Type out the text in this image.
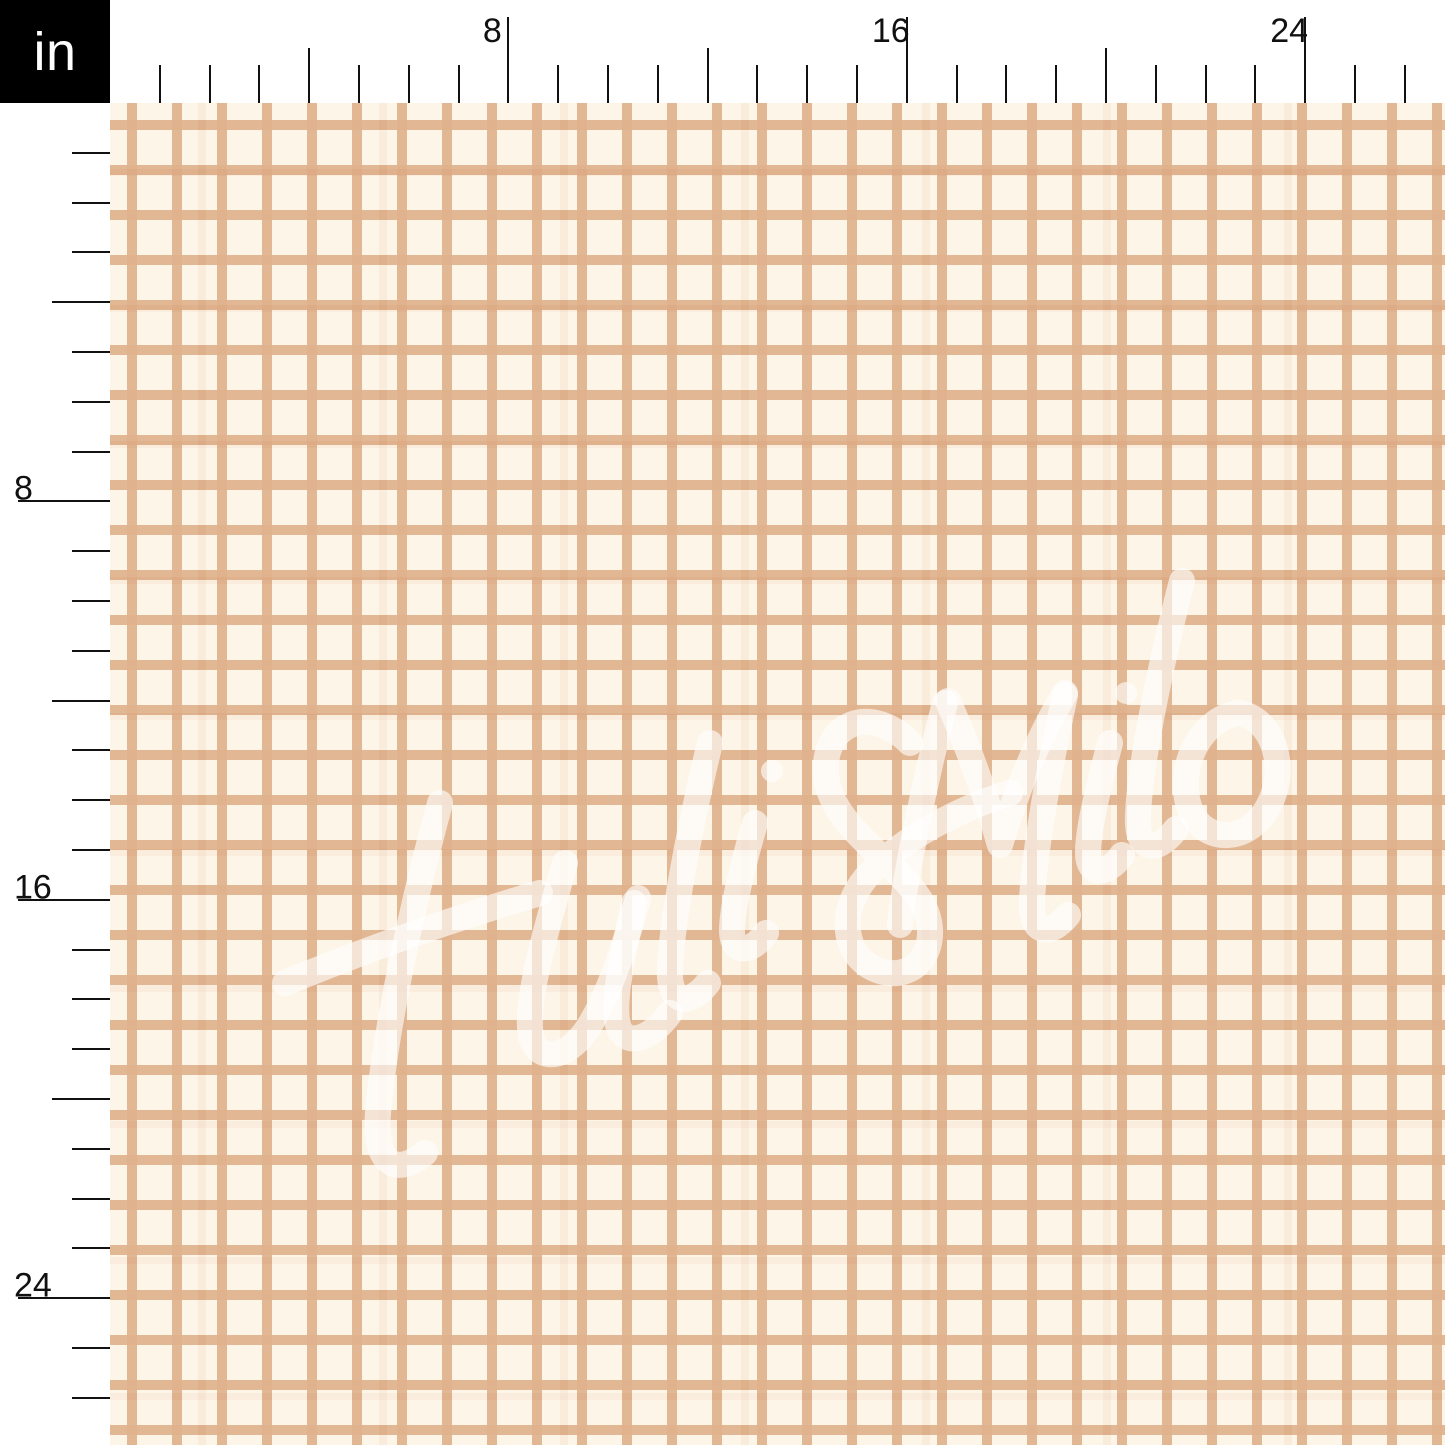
in	8	16	24
8
16
24
